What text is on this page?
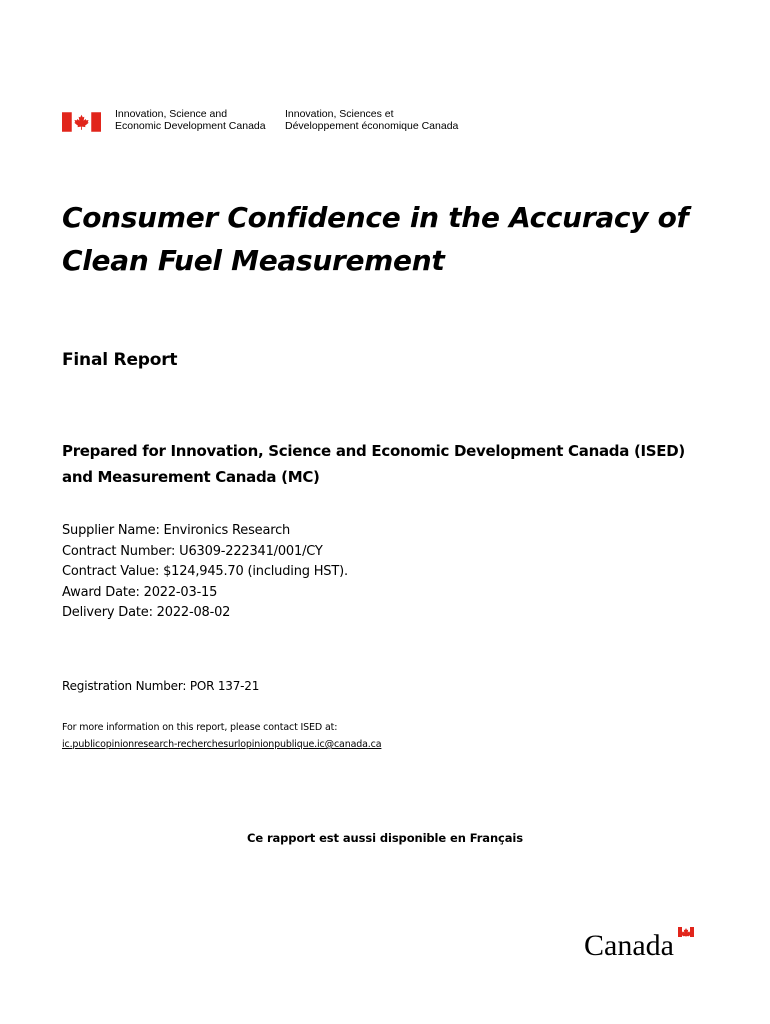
Innovation, Science and
Economic Development Canada
Innovation, Sciences et
Développement économique Canada
Consumer Confidence in the Accuracy of
Clean Fuel Measurement
Final Report
Prepared for Innovation, Science and Economic Development Canada (ISED)
and Measurement Canada (MC)
Supplier Name: Environics Research
Contract Number: U6309-222341/001/CY
Contract Value: $124,945.70 (including HST).
Award Date: 2022-03-15
Delivery Date: 2022-08-02
Registration Number: POR 137-21
For more information on this report, please contact ISED at:
ic.publicopinionresearch-recherchesurlopinionpublique.ic@canada.ca
Ce rapport est aussi disponible en Français
Canada
